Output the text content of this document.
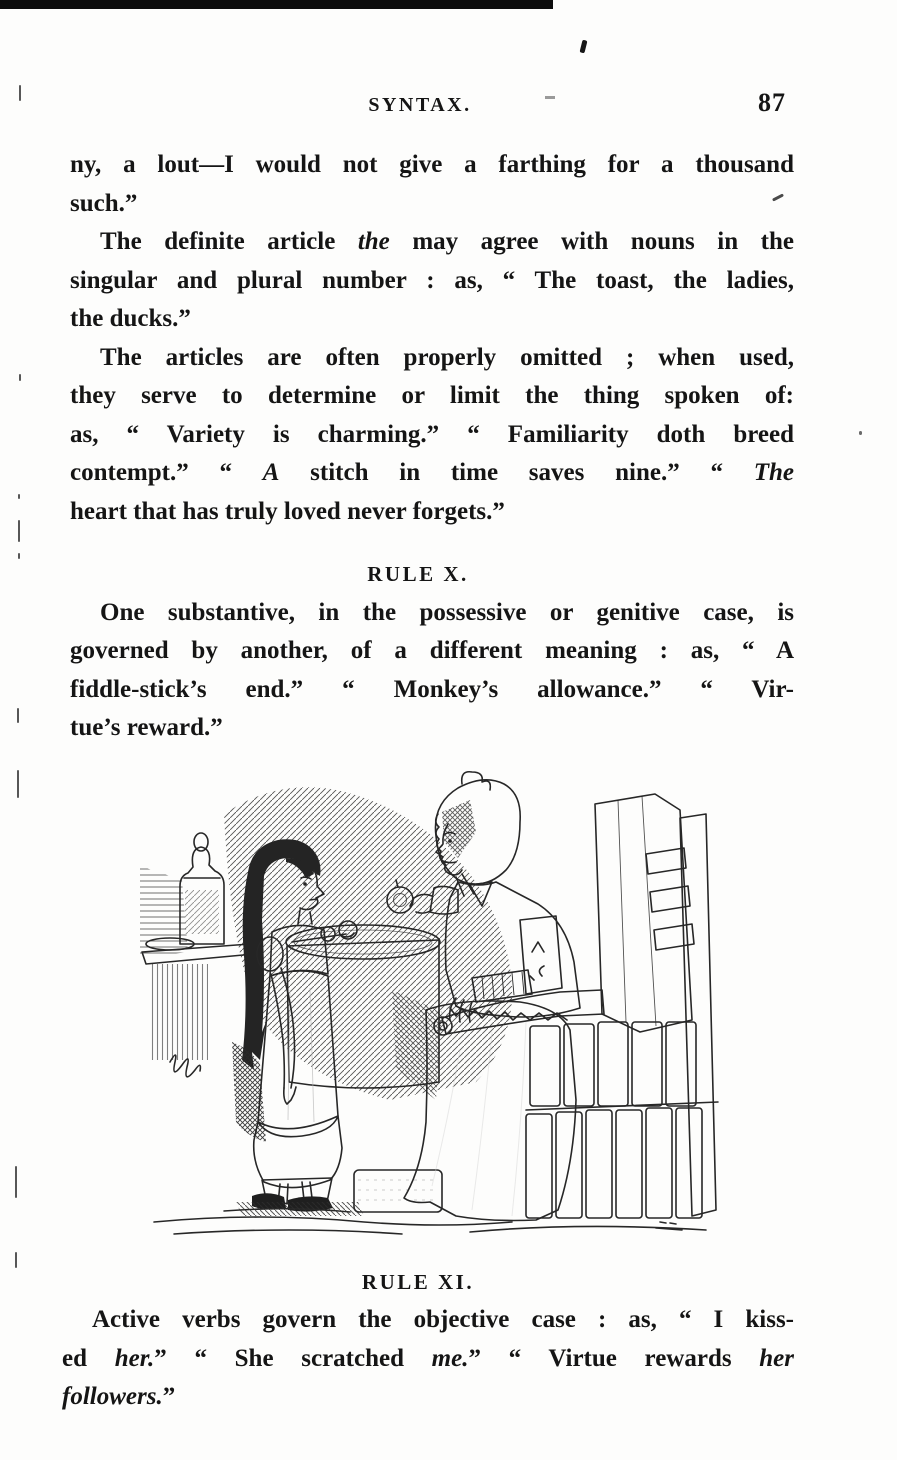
SYNTAX.	87
ny, a lout—I would not give a farthing for a thousand
such.”
The definite article the may agree with nouns in the
singular and plural number : as, “ The toast, the ladies,
the ducks.”
The articles are often properly omitted ; when used,
they serve to determine or limit the thing spoken of:
as, “ Variety is charming.” “ Familiarity doth breed
contempt.” “ A stitch in time saves nine.” “ The
heart that has truly loved never forgets.”
RULE X.
One substantive, in the possessive or genitive case, is
governed by another, of a different meaning : as, “ A
fiddle-stick’s end.” “ Monkey’s allowance.” “ Vir-
tue’s reward.”
RULE XI.
Active verbs govern the objective case : as, “ I kiss-
ed her.” “ She scratched me.” “ Virtue rewards her
followers.”
